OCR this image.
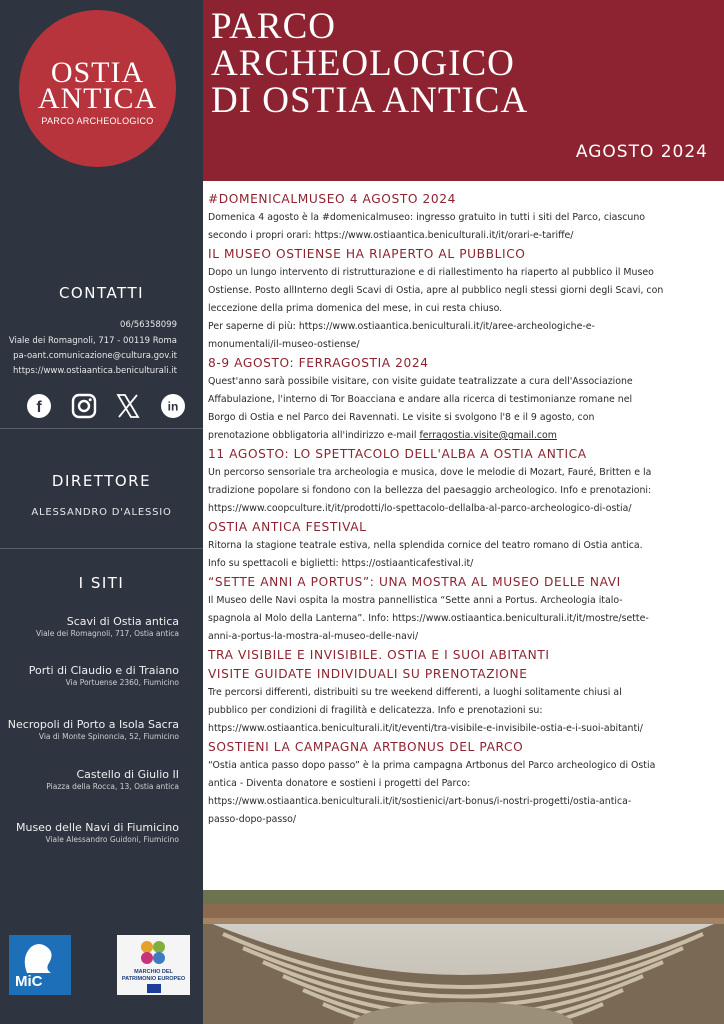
OSTIA
ANTICA
PARCO ARCHEOLOGICO
CONTATTI
06/56358099
Viale dei Romagnoli, 717 - 00119 Roma
pa-oant.comunicazione@cultura.gov.it
https://www.ostiaantica.beniculturali.it
f	in
DIRETTORE
ALESSANDRO D'ALESSIO
I SITI
Scavi di Ostia antica
Viale dei Romagnoli, 717, Ostia antica
Porti di Claudio e di Traiano
Via Portuense 2360, Fiumicino
Necropoli di Porto a Isola Sacra
Via di Monte Spinoncia, 52, Fiumicino
Castello di Giulio II
Piazza della Rocca, 13, Ostia antica
Museo delle Navi di Fiumicino
Viale Alessandro Guidoni, Fiumicino
MiC
MARCHIO DEL
PATRIMONIO EUROPEO
PARCO
ARCHEOLOGICO
DI OSTIA ANTICA
AGOSTO 2024
#DOMENICALMUSEO 4 AGOSTO 2024

Domenica 4 agosto è la #domenicalmuseo: ingresso gratuito in tutti i siti del Parco, ciascuno

secondo i propri orari: https://www.ostiaantica.beniculturali.it/it/orari-e-tariffe/

IL MUSEO OSTIENSE HA RIAPERTO AL PUBBLICO

Dopo un lungo intervento di ristrutturazione e di riallestimento ha riaperto al pubblico il Museo

Ostiense. Posto allInterno degli Scavi di Ostia, apre al pubblico negli stessi giorni degli Scavi, con

leccezione della prima domenica del mese, in cui resta chiuso.

Per saperne di più: https://www.ostiaantica.beniculturali.it/it/aree-archeologiche-e-

monumentali/il-museo-ostiense/

8-9 AGOSTO: FERRAGOSTIA 2024

Quest'anno sarà possibile visitare, con visite guidate teatralizzate a cura dell'Associazione

Affabulazione, l'interno di Tor Boacciana e andare alla ricerca di testimonianze romane nel

Borgo di Ostia e nel Parco dei Ravennati. Le visite si svolgono l'8 e il 9 agosto, con

prenotazione obbligatoria all'indirizzo e-mail ferragostia.visite@gmail.com

11 AGOSTO: LO SPETTACOLO DELL'ALBA A OSTIA ANTICA

Un percorso sensoriale tra archeologia e musica, dove le melodie di Mozart, Fauré, Britten e la

tradizione popolare si fondono con la bellezza del paesaggio archeologico. Info e prenotazioni:

https://www.coopculture.it/it/prodotti/lo-spettacolo-dellalba-al-parco-archeologico-di-ostia/

OSTIA ANTICA FESTIVAL

Ritorna la stagione teatrale estiva, nella splendida cornice del teatro romano di Ostia antica.

Info su spettacoli e biglietti: https://ostiaanticafestival.it/

“SETTE ANNI A PORTUS”: UNA MOSTRA AL MUSEO DELLE NAVI

Il Museo delle Navi ospita la mostra pannellistica “Sette anni a Portus. Archeologia italo-

spagnola al Molo della Lanterna”. Info: https://www.ostiaantica.beniculturali.it/it/mostre/sette-

anni-a-portus-la-mostra-al-museo-delle-navi/

TRA VISIBILE E INVISIBILE. OSTIA E I SUOI ABITANTI
VISITE GUIDATE INDIVIDUALI SU PRENOTAZIONE

Tre percorsi differenti, distribuiti su tre weekend differenti, a luoghi solitamente chiusi al

pubblico per condizioni di fragilità e delicatezza. Info e prenotazioni su:

https://www.ostiaantica.beniculturali.it/it/eventi/tra-visibile-e-invisibile-ostia-e-i-suoi-abitanti/

SOSTIENI LA CAMPAGNA ARTBONUS DEL PARCO

“Ostia antica passo dopo passo” è la prima campagna Artbonus del Parco archeologico di Ostia

antica - Diventa donatore e sostieni i progetti del Parco:

https://www.ostiaantica.beniculturali.it/it/sostienici/art-bonus/i-nostri-progetti/ostia-antica-

passo-dopo-passo/
